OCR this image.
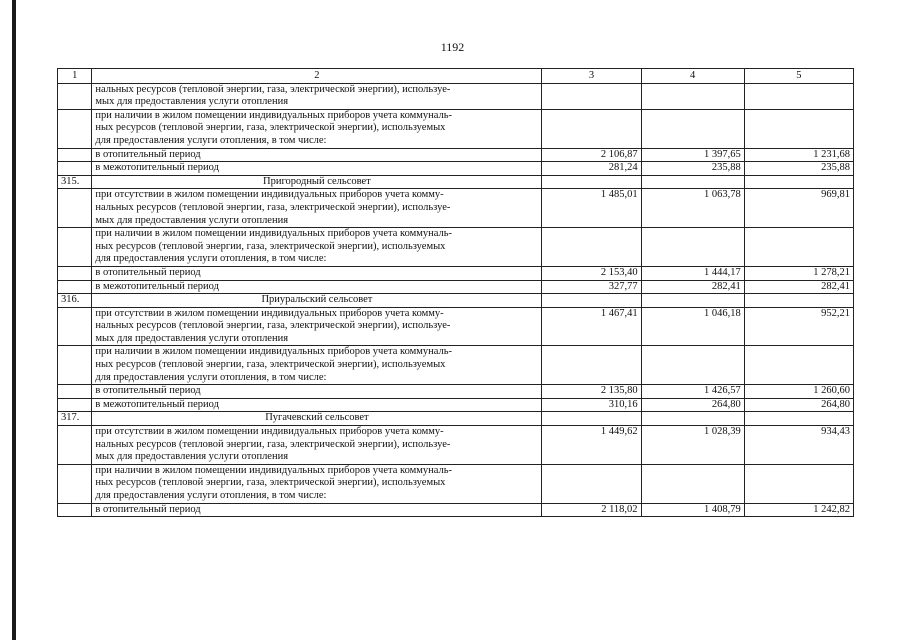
1192
1	2	3	4	5

	нальных ресурсов (тепловой энергии, газа, электрической энергии), используе-
мых для предоставления услуги отопления			

	при наличии в жилом помещении индивидуальных приборов учета коммуналь-
ных ресурсов (тепловой энергии, газа, электрической энергии), используемых
для предоставления услуги отопления, в том числе:			

	в отопительный период	2 106,87	1 397,65	1 231,68

	в межотопительный период	281,24	235,88	235,88
315.	Пригородный сельсовет			

	при отсутствии в жилом помещении индивидуальных приборов учета комму-
нальных ресурсов (тепловой энергии, газа, электрической энергии), используе-
мых для предоставления услуги отопления	1 485,01	1 063,78	969,81

	при наличии в жилом помещении индивидуальных приборов учета коммуналь-
ных ресурсов (тепловой энергии, газа, электрической энергии), используемых
для предоставления услуги отопления, в том числе:			

	в отопительный период	2 153,40	1 444,17	1 278,21

	в межотопительный период	327,77	282,41	282,41
316.	Приуральский сельсовет			

	при отсутствии в жилом помещении индивидуальных приборов учета комму-
нальных ресурсов (тепловой энергии, газа, электрической энергии), используе-
мых для предоставления услуги отопления	1 467,41	1 046,18	952,21

	при наличии в жилом помещении индивидуальных приборов учета коммуналь-
ных ресурсов (тепловой энергии, газа, электрической энергии), используемых
для предоставления услуги отопления, в том числе:			

	в отопительный период	2 135,80	1 426,57	1 260,60

	в межотопительный период	310,16	264,80	264,80
317.	Пугачевский сельсовет			

	при отсутствии в жилом помещении индивидуальных приборов учета комму-
нальных ресурсов (тепловой энергии, газа, электрической энергии), используе-
мых для предоставления услуги отопления	1 449,62	1 028,39	934,43

	при наличии в жилом помещении индивидуальных приборов учета коммуналь-
ных ресурсов (тепловой энергии, газа, электрической энергии), используемых
для предоставления услуги отопления, в том числе:			

	в отопительный период	2 118,02	1 408,79	1 242,82
